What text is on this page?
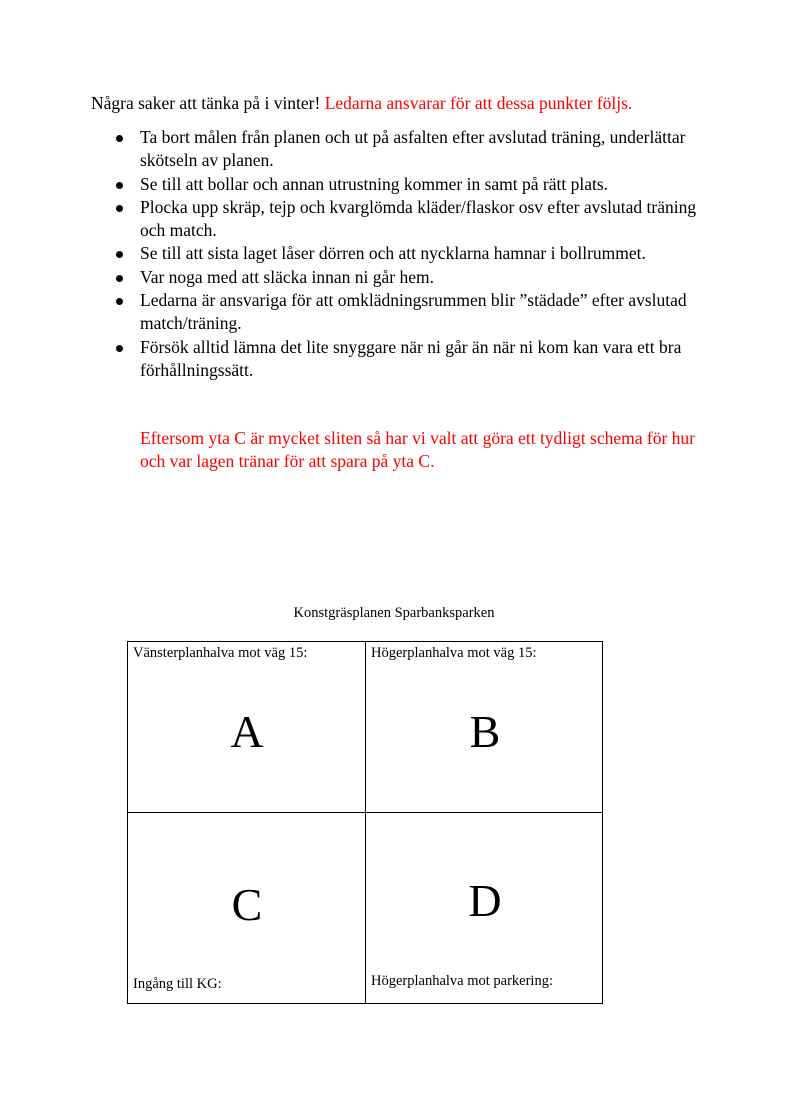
Några saker att tänka på i vinter! Ledarna ansvarar för att dessa punkter följs.

Ta bort målen från planen och ut på asfalten efter avslutad träning, underlättar skötseln av planen.
Se till att bollar och annan utrustning kommer in samt på rätt plats.
Plocka upp skräp, tejp och kvarglömda kläder/flaskor osv efter avslutad träning och match.
Se till att sista laget låser dörren och att nycklarna hamnar i bollrummet.
Var noga med att släcka innan ni går hem.
Ledarna är ansvariga för att omklädningsrummen blir ”städade” efter avslutad match/träning.
Försök alltid lämna det lite snyggare när ni går än när ni kom kan vara ett bra förhållningssätt.

Eftersom yta C är mycket sliten så har vi valt att göra ett tydligt schema för hur och var lagen tränar för att spara på yta C.

Konstgräsplanen Sparbanksparken

Vänsterplanhalva mot väg 15:
A
Högerplanhalva mot väg 15:
B
C
Ingång till KG:
D
Högerplanhalva mot parkering:
